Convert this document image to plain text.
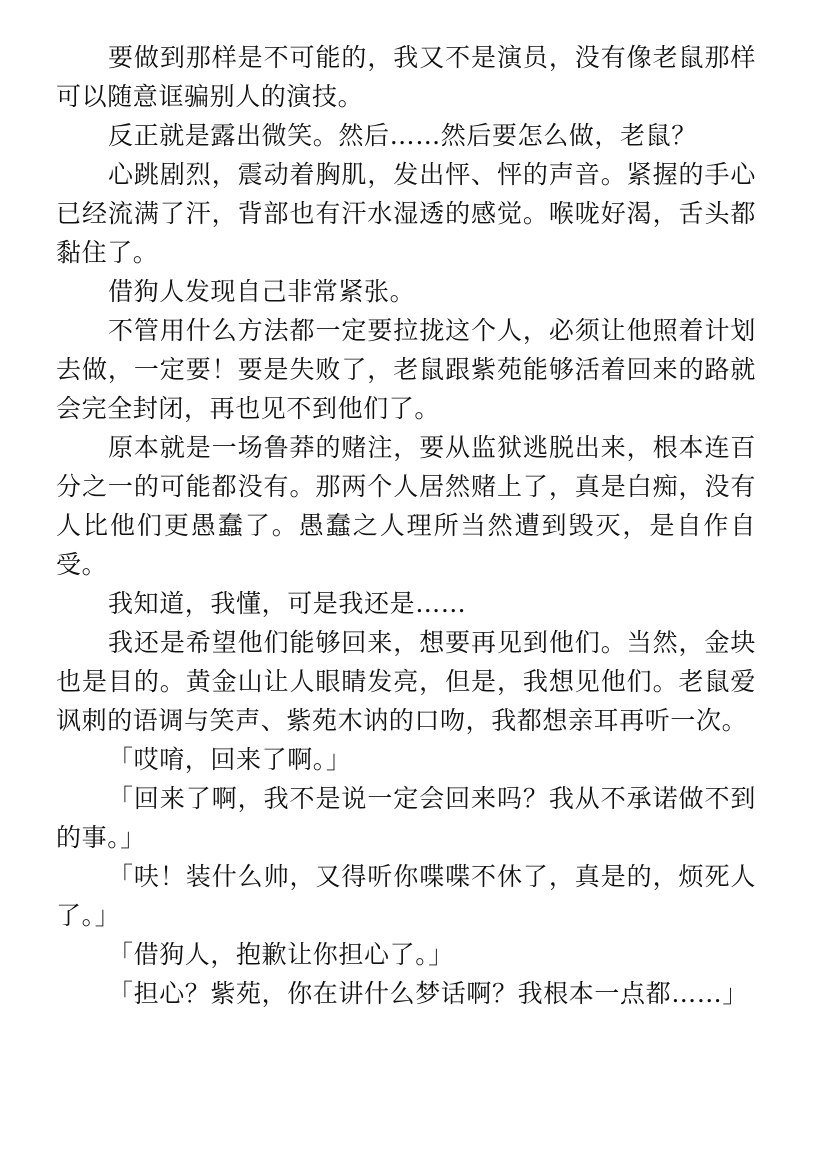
要做到那样是不可能的，我又不是演员，没有像老鼠那样可以随意诓骗别人的演技。

反正就是露出微笑。然后……然后要怎么做，老鼠？

心跳剧烈，震动着胸肌，发出怦、怦的声音。紧握的手心已经流满了汗，背部也有汗水湿透的感觉。喉咙好渴，舌头都黏住了。

借狗人发现自己非常紧张。

不管用什么方法都一定要拉拢这个人，必须让他照着计划去做，一定要！要是失败了，老鼠跟紫苑能够活着回来的路就会完全封闭，再也见不到他们了。

原本就是一场鲁莽的赌注，要从监狱逃脱出来，根本连百分之一的可能都没有。那两个人居然赌上了，真是白痴，没有人比他们更愚蠢了。愚蠢之人理所当然遭到毁灭，是自作自受。

我知道，我懂，可是我还是……

我还是希望他们能够回来，想要再见到他们。当然，金块也是目的。黄金山让人眼睛发亮，但是，我想见他们。老鼠爱讽刺的语调与笑声、紫苑木讷的口吻，我都想亲耳再听一次。

「哎唷，回来了啊。」

「回来了啊，我不是说一定会回来吗？我从不承诺做不到的事。」

「呋！装什么帅，又得听你喋喋不休了，真是的，烦死人了。」

「借狗人，抱歉让你担心了。」

「担心？紫苑，你在讲什么梦话啊？我根本一点都……」
